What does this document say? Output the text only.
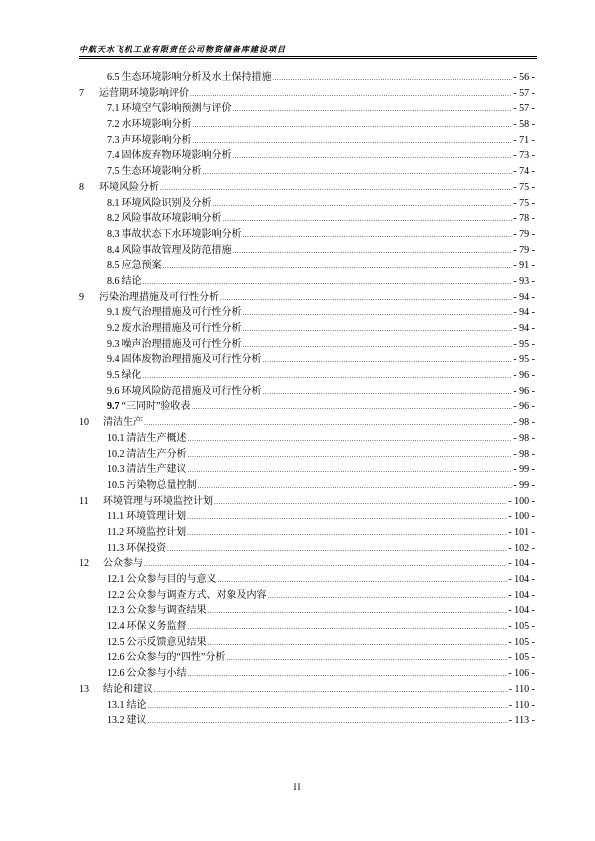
中航天水飞机工业有限责任公司物资储备库建设项目
6.5 生态环境影响分析及水土保持措施 .....	- 56 -
7	运营期环境影响评价 .....	- 57 -
7.1 环境空气影响预测与评价 .....	- 57 -
7.2 水环境影响分析 .....	- 58 -
7.3 声环境影响分析 .....	- 71 -
7.4 固体废弃物环境影响分析 .....	- 73 -
7.5 生态环境影响分析 .....	- 74 -
8	环境风险分析 .....	- 75 -
8.1 环境风险识别及分析 .....	- 75 -
8.2 风险事故环境影响分析 .....	- 78 -
8.3 事故状态下水环境影响分析 .....	- 79 -
8.4 风险事故管理及防范措施 .....	- 79 -
8.5 应急预案 .....	- 91 -
8.6 结论 .....	- 93 -
9	污染治理措施及可行性分析 .....	- 94 -
9.1 废气治理措施及可行性分析 .....	- 94 -
9.2 废水治理措施及可行性分析 .....	- 94 -
9.3 噪声治理措施及可行性分析 .....	- 95 -
9.4 固体废物治理措施及可行性分析 .....	- 95 -
9.5 绿化 .....	- 96 -
9.6 环境风险防范措施及可行性分析 .....	- 96 -
9.7 “三同时”验收表 .....	- 96 -
10	清洁生产 .....	- 98 -
10.1 清洁生产概述 .....	- 98 -
10.2 清洁生产分析 .....	- 98 -
10.3 清洁生产建议 .....	- 99 -
10.5 污染物总量控制 .....	- 99 -
11	环境管理与环境监控计划 .....	- 100 -
11.1 环境管理计划 .....	- 100 -
11.2 环境监控计划 .....	- 101 -
11.3 环保投资 .....	- 102 -
12	公众参与 .....	- 104 -
12.1 公众参与目的与意义 .....	- 104 -
12.2 公众参与调查方式、对象及内容 .....	- 104 -
12.3 公众参与调查结果 .....	- 104 -
12.4 环保义务监督 .....	- 105 -
12.5 公示反馈意见结果 .....	- 105 -
12.6 公众参与的“四性”分析 .....	- 105 -
12.6 公众参与小结 .....	- 106 -
13	结论和建议 .....	- 110 -
13.1 结论 .....	- 110 -
13.2 建议 .....	- 113 -
II
